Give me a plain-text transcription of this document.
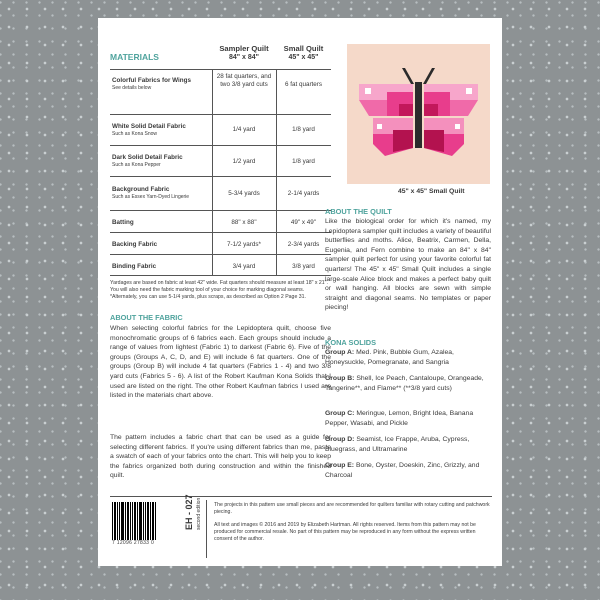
MATERIALS
Sampler Quilt
84" x 84"
Small Quilt
45" x 45"
Colorful Fabrics for Wings
See details below
28 fat quarters, and two 3/8 yard cuts	6 fat quarters
White Solid Detail Fabric
Such as Kona Snow
1/4 yard	1/8 yard
Dark Solid Detail Fabric
Such as Kona Pepper	1/2 yard	1/8 yard
Background Fabric
Such as Essex Yarn-Dyed Lingerie	5-3/4 yards	2-1/4 yards
Batting	88" x 88"	49" x 49"
Backing Fabric	7-1/2 yards*	2-3/4 yards
Binding Fabric	3/4 yard	3/8 yard
Yardages are based on fabric at least 42" wide. Fat quarters should measure at least 18" x 21". You will also need the fabric marking tool of your choice for marking diagonal seams. *Alternately, you can use 5-1/4 yards, plus scraps, as described as Option 2 Page 31.
ABOUT THE FABRIC
When selecting colorful fabrics for the Lepidoptera quilt, choose five monochromatic groups of 6 fabrics each. Each groups should include a range of values from lightest (Fabric 1) to darkest (Fabric 6). Five of the groups (Groups A, C, D, and E) will include 6 fat quarters. One of the groups (Group B) will include 4 fat quarters (Fabrics 1 - 4) and two 3/8 yard cuts (Fabrics 5 - 6). A list of the Robert Kaufman Kona Solids that I used are listed on the right. The other Robert Kaufman fabrics I used are listed in the materials chart above.
The pattern includes a fabric chart that can be used as a guide for selecting different fabrics. If you're using different fabrics than me, paste a swatch of each of your fabrics onto the chart. This will help you to keep the fabrics organized both during construction and within the finished quilt.
45" x 45" Small Quilt
ABOUT THE QUILT
Like the biological order for which it's named, my Lepidoptera sampler quilt includes a variety of beautiful butterflies and moths. Alice, Beatrix, Carmen, Della, Eugenia, and Fern combine to make an 84" x 84" sampler quilt perfect for using your favorite colorful fat quarters! The 45" x 45" Small Quilt includes a single large-scale Alice block and makes a perfect baby quilt or wall hanging. All blocks are sewn with simple straight and diagonal seams. No templates or paper piecing!
KONA SOLIDS
Group A: Med. Pink, Bubble Gum, Azalea, Honeysuckle, Pomegranate, and Sangria
Group B: Shell, Ice Peach, Cantaloupe, Orangeade, Tangerine**, and Flame** (**3/8 yard cuts)
Group C: Meringue, Lemon, Bright Idea, Banana Pepper, Wasabi, and Pickle
Group D: Seamist, Ice Frappe, Aruba, Cypress, Bluegrass, and Ultramarine
Group E: Bone, Oyster, Doeskin, Zinc, Grizzly, and Charcoal
7 12096 27833 0
EH - 027 second edition The projects in this pattern use small pieces and are recommended for quilters familiar with rotary cutting and patchwork piecing.
All text and images © 2016 and 2019 by Elizabeth Hartman. All rights reserved. Items from this pattern may not be produced for commercial resale. No part of this pattern may be reproduced in any form without the express written consent of the author.
